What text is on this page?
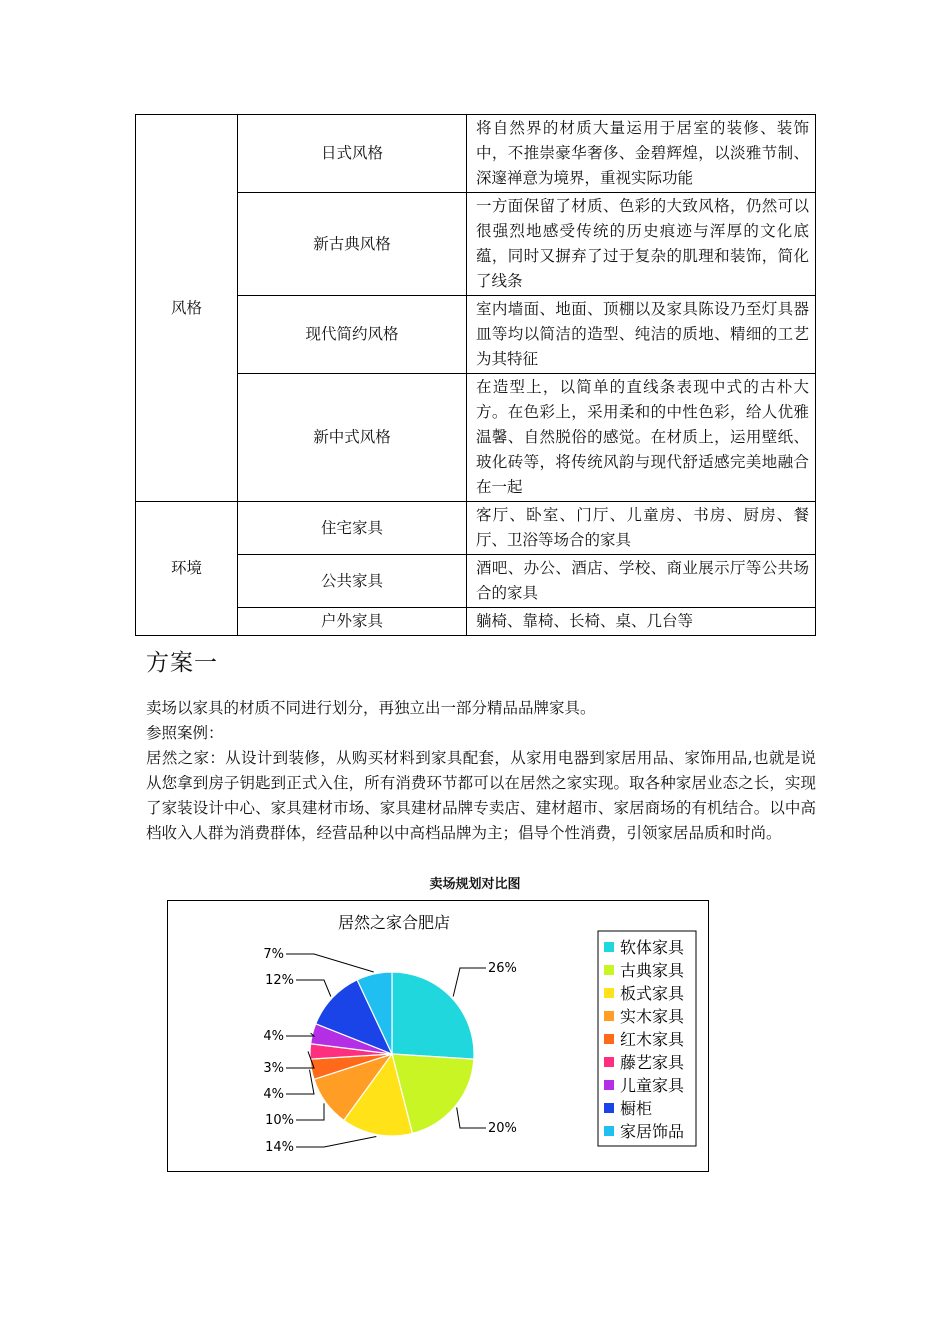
风格	日式风格	将自然界的材质大量运用于居室的装修、装饰中，不推崇豪华奢侈、金碧辉煌，以淡雅节制、深邃禅意为境界，重视实际功能
	新古典风格	一方面保留了材质、色彩的大致风格，仍然可以很强烈地感受传统的历史痕迹与浑厚的文化底蕴，同时又摒弃了过于复杂的肌理和装饰，简化了线条
	现代简约风格	室内墙面、地面、顶棚以及家具陈设乃至灯具器皿等均以简洁的造型、纯洁的质地、精细的工艺为其特征
	新中式风格	在造型上，以简单的直线条表现中式的古朴大方。在色彩上，采用柔和的中性色彩，给人优雅温馨、自然脱俗的感觉。在材质上，运用壁纸、玻化砖等，将传统风韵与现代舒适感完美地融合在一起
环境	住宅家具	客厅、卧室、门厅、儿童房、书房、厨房、餐厅、卫浴等场合的家具
	公共家具	酒吧、办公、酒店、学校、商业展示厅等公共场合的家具
	户外家具	躺椅、靠椅、长椅、桌、几台等
方案一

卖场以家具的材质不同进行划分，再独立出一部分精品品牌家具。

参照案例：

居然之家：从设计到装修，从购买材料到家具配套，从家用电器到家居用品、家饰用品,也就是说从您拿到房子钥匙到正式入住，所有消费环节都可以在居然之家实现。取各种家居业态之长，实现了家装设计中心、家具建材市场、家具建材品牌专卖店、建材超市、家居商场的有机结合。以中高档收入人群为消费群体，经营品种以中高档品牌为主；倡导个性消费，引领家居品质和时尚。

卖场规划对比图
居然之家合肥店
26%
20%
14%
10%
4%
3%
4%
12%
7%	软体家具
古典家具
板式家具
实木家具
红木家具
藤艺家具
儿童家具
橱柜
家居饰品
